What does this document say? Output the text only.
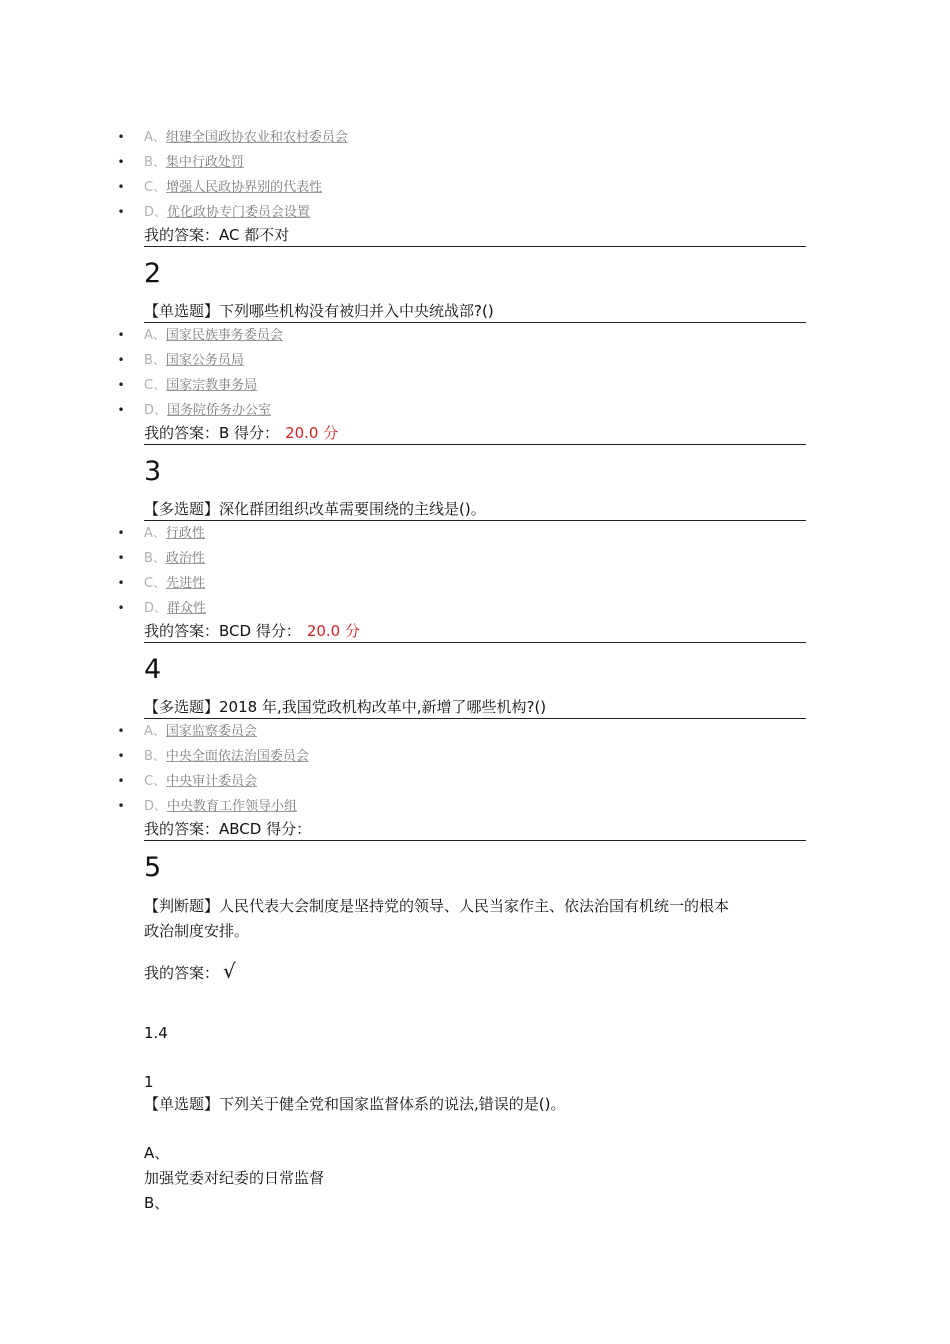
• A、组建全国政协农业和农村委员会
• B、集中行政处罚
• C、增强人民政协界别的代表性
• D、优化政协专门委员会设置
我的答案：AC 都不对
2
【单选题】下列哪些机构没有被归并入中央统战部?()
• A、国家民族事务委员会
• B、国家公务员局
• C、国家宗教事务局
• D、国务院侨务办公室
我的答案：B 得分： 20.0 分
3
【多选题】深化群团组织改革需要围绕的主线是()。
• A、行政性
• B、政治性
• C、先进性
• D、群众性
我的答案：BCD 得分： 20.0 分
4
【多选题】2018 年,我国党政机构改革中,新增了哪些机构?()
• A、国家监察委员会
• B、中央全面依法治国委员会
• C、中央审计委员会
• D、中央教育工作领导小组
我的答案：ABCD 得分：
5
【判断题】人民代表大会制度是坚持党的领导、人民当家作主、依法治国有机统一的根本
政治制度安排。
我的答案： √
1.4
1
【单选题】下列关于健全党和国家监督体系的说法,错误的是()。
A、
加强党委对纪委的日常监督
B、
